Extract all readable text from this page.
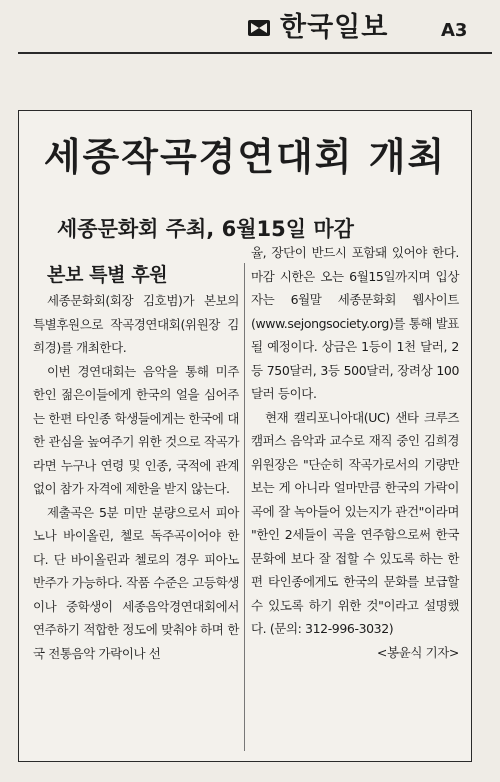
한국일보	A3
세종작곡경연대회 개최
세종문화회 주최, 6월15일 마감

본보 특별 후원

세종문화회(회장 김호범)가 본보의 특별후원으로 작곡경연대회(위원장 김희경)를 개최한다.

이번 경연대회는 음악을 통해 미주 한인 젊은이들에게 한국의 얼을 심어주는 한편 타인종 학생들에게는 한국에 대한 관심을 높여주기 위한 것으로 작곡가라면 누구나 연령 및 인종, 국적에 관계없이 참가 자격에 제한을 받지 않는다.

제출곡은 5분 미만 분량으로서 피아노나 바이올린, 첼로 독주곡이어야 한다. 단 바이올린과 첼로의 경우 피아노 반주가 가능하다. 작품 수준은 고등학생이나 중학생이 세종음악경연대회에서 연주하기 적합한 정도에 맞춰야 하며 한국 전통음악 가락이나 선

율, 장단이 반드시 포함돼 있어야 한다. 마감 시한은 오는 6월15일까지며 입상자는 6월말 세종문화회 웹사이트 (www.sejongsociety.org)를 통해 발표될 예정이다. 상금은 1등이 1천 달러, 2등 750달러, 3등 500달러, 장려상 100달러 등이다.

현재 캘리포니아대(UC) 샌타 크루즈 캠퍼스 음악과 교수로 재직 중인 김희경 위원장은 "단순히 작곡가로서의 기량만 보는 게 아니라 얼마만큼 한국의 가락이 곡에 잘 녹아들어 있는지가 관건"이라며 "한인 2세들이 곡을 연주함으로써 한국 문화에 보다 잘 접할 수 있도록 하는 한편 타인종에게도 한국의 문화를 보급할 수 있도록 하기 위한 것"이라고 설명했다. (문의: 312-996-3032)

<봉윤식 기자>
